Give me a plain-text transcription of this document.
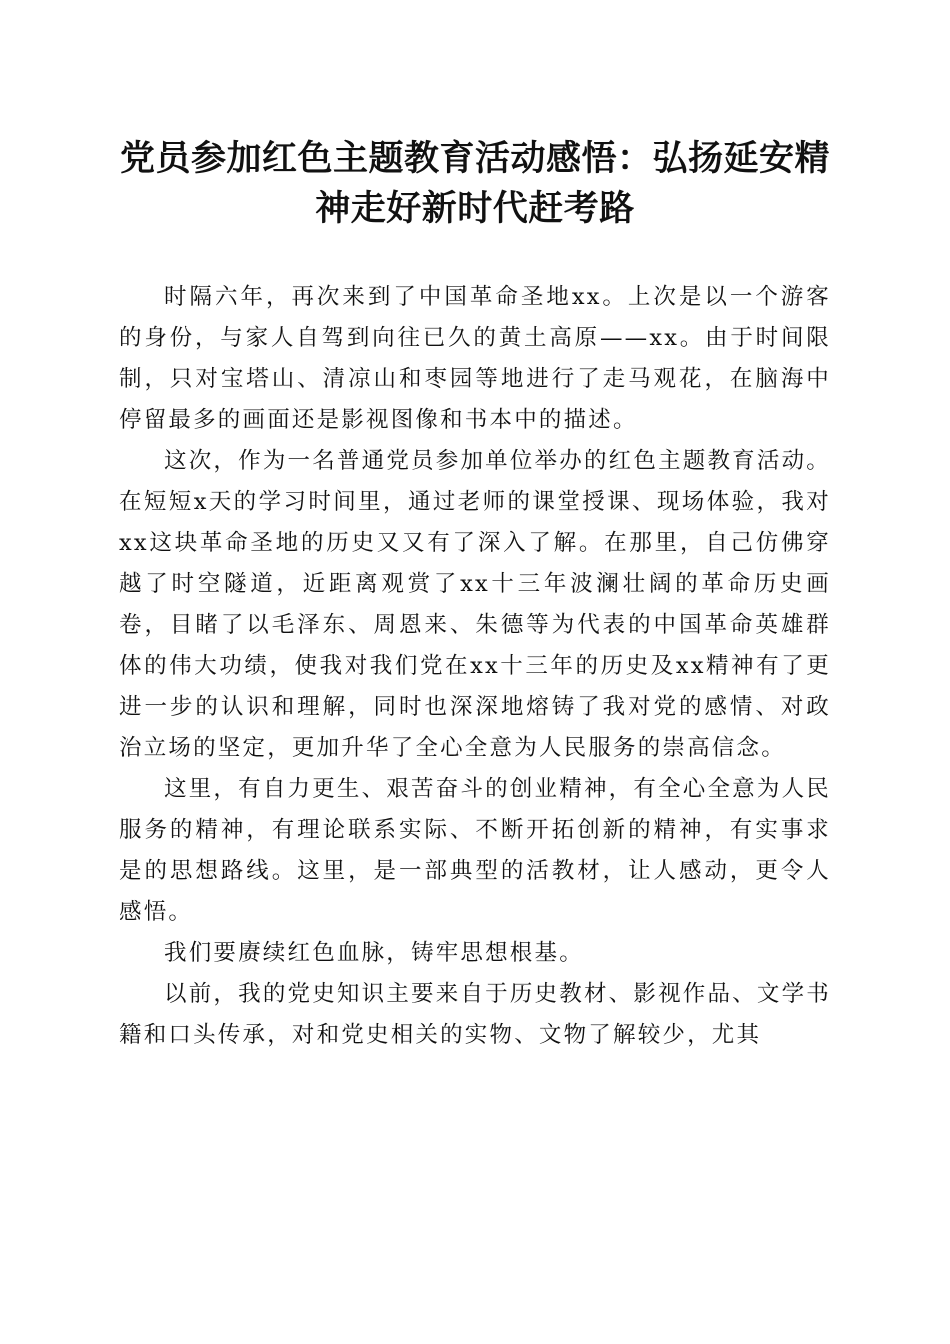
党员参加红色主题教育活动感悟：弘扬延安精神走好新时代赶考路

时隔六年，再次来到了中国革命圣地xx。上次是以一个游客的身份，与家人自驾到向往已久的黄土高原——xx。由于时间限制，只对宝塔山、清凉山和枣园等地进行了走马观花，在脑海中停留最多的画面还是影视图像和书本中的描述。

这次，作为一名普通党员参加单位举办的红色主题教育活动。在短短x天的学习时间里，通过老师的课堂授课、现场体验，我对xx这块革命圣地的历史又又有了深入了解。在那里，自己仿佛穿越了时空隧道，近距离观赏了xx十三年波澜壮阔的革命历史画卷，目睹了以毛泽东、周恩来、朱德等为代表的中国革命英雄群体的伟大功绩，使我对我们党在xx十三年的历史及xx精神有了更进一步的认识和理解，同时也深深地熔铸了我对党的感情、对政治立场的坚定，更加升华了全心全意为人民服务的崇高信念。

这里，有自力更生、艰苦奋斗的创业精神，有全心全意为人民服务的精神，有理论联系实际、不断开拓创新的精神，有实事求是的思想路线。这里，是一部典型的活教材，让人感动，更令人感悟。

我们要赓续红色血脉，铸牢思想根基。

以前，我的党史知识主要来自于历史教材、影视作品、文学书籍和口头传承，对和党史相关的实物、文物了解较少，尤其
